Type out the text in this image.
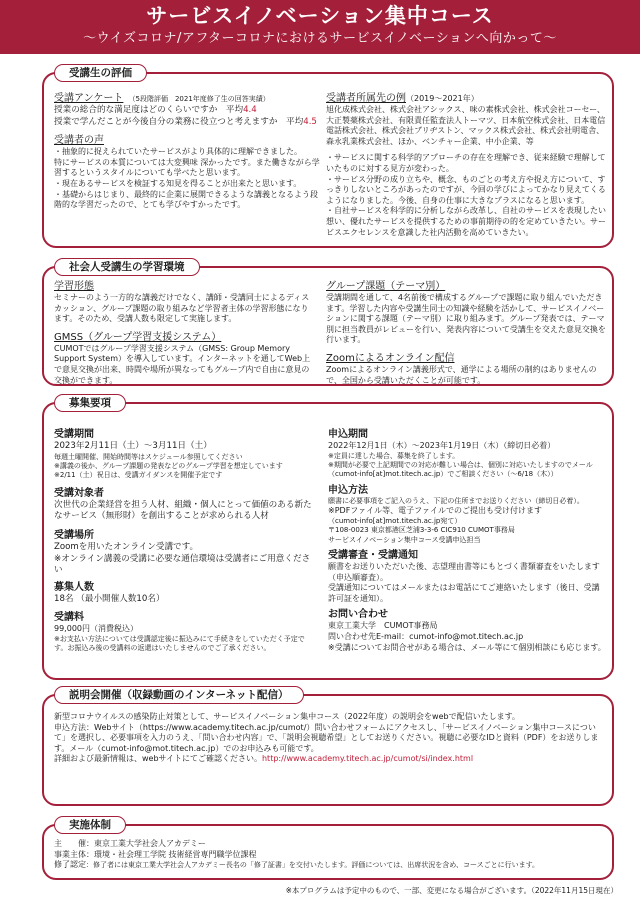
サービスイノベーション集中コース
〜ウイズコロナ/アフターコロナにおけるサービスイノベーションへ向かって〜
受講生の評価
受講アンケート （5段階評価　2021年度修了生の回答実績）
授業の総合的な満足度はどのくらいですか　平均4.4
授業で学んだことが今後自分の業務に役立つと考えますか　平均4.5
受講者の声
・抽象的に捉えられていたサービスがより具体的に理解できました。
特にサービスの本質については大変興味 深かったです。また働きながら学習するというスタイルについても学べたと思います。
・現在あるサービスを検証する知見を得ることが出来たと思います。
・基礎からはじまり、最終的に企業に展開できるような講義となるよう段階的な学習だったので、とても学びやすかったです。
受講者所属先の例（2019〜2021年）
旭化成株式会社、株式会社アシックス、味の素株式会社、株式会社コーセー、大正製薬株式会社、有限責任監査法人トーマツ、日本航空株式会社、日本電信電話株式会社、株式会社ブリヂストン、マックス株式会社、株式会社明電舎、森永乳業株式会社、ほか、ベンチャー企業、中小企業、等
・サービスに関する科学的アプローチの存在を理解でき、従来経験で理解していたものに対する見方が変わった。
・サービス分野の成り立ちや、概念、ものごとの考え方や捉え方について、すっきりしないところがあったのですが、今回の学びによってかなり見えてくるようになりました。今後、自身の仕事に大きなプラスになると思います。
・自社サービスを科学的に分析しながら改革し、自社のサービスを表現したい想い、優れたサービスを提供するための事前期待の的を定めていきたい。サービスエクセレンスを意識した社内活動を高めていきたい。
社会人受講生の学習環境
学習形態
セミナーのよう一方的な講義だけでなく、講師・受講同士によるディスカッション、グループ課題の取り組みなど学習者主体の学習形態になります。そのため、受講人数も限定して実施します。
GMSS（グループ学習支援システム）
CUMOTではグループ学習支援システム（GMSS: Group Memory Support System）を導入しています。インターネットを通してWeb上で意見交換が出来、時間や場所が異なってもグループ内で自由に意見の交換ができます。
グループ課題（テーマ別）
受講期間を通して、4名前後で構成するグループで課題に取り組んでいただきます。学習した内容や受講生同士の知識や経験を活かして、サービスイノベーションに関する課題（テーマ別）に取り組みます。グループ発表では、テーマ別に担当教員がレビューを行い、発表内容について受講生を交えた意見交換を行います。
Zoomによるオンライン配信
Zoomによるオンライン講義形式で、通学による場所の制約はありませんので、全国から受講いただくことが可能です。
募集要項
受講期間
2023年2月11日（土）〜3月11日（土）
毎週土曜開催、開始時間等はスケジュール参照してください
※講義の後か、グループ課題の発表などのグループ学習を想定しています
※2/11（土）祝日は、受講ガイダンスを開催予定です
受講対象者
次世代の企業経営を担う人材、組織・個人にとって価値のある新たなサービス（無形財）を創出することが求められる人材
受講場所
Zoomを用いたオンライン受講です。
※オンライン講義の受講に必要な通信環境は受講者にご用意ください
募集人数
18名 （最小開催人数10名）
受講料
99,000円（消費税込）
※お支払い方法については受講認定後に振込みにて手続きをしていただく予定です。お振込み後の受講料の返還はいたしませんのでご了承ください。
申込期間
2022年12月1日（木）〜2023年1月19日（木）（締切日必着）
※定員に達した場合、募集を終了します。
※期間が必要で上記期間での対応が難しい場合は、個別に対応いたしますのでメール（cumot-info[at]mot.titech.ac.jp）でご相談ください（〜6/18（木））
申込方法
願書に必要事項をご記入のうえ、下記の住所までお送りください（締切日必着）。
※PDFファイル等、電子ファイルでのご提出も受け付けます
（cumot-info[at]mot.titech.ac.jp宛て）
〒108-0023 東京都港区芝浦3-3-6 CIC910 CUMOT事務局
サービスイノベーション集中コース受講申込担当
受講審査・受講通知
願書をお送りいただいた後、志望理由書等にもとづく書類審査をいたします（申込順審査）。
受講通知についてはメールまたはお電話にてご連絡いたします（後日、受講許可証を通知）。
お問い合わせ
東京工業大学　CUMOT事務局
問い合わせ先E-mail：cumot-info@mot.titech.ac.jp
※受講についてお問合せがある場合は、メール等にて個別相談にも応じます。
説明会開催（収録動画のインターネット配信）
新型コロナウイルスの感染防止対策として、サービスイノベーション集中コース（2022年度）の説明会をwebで配信いたします。
申込方法：Webサイト（https://www.academy.titech.ac.jp/cumot/）問い合わせフォームにアクセスし、「サービスイノベーション集中コースについて」を選択し、必要事項を入力のうえ、「問い合わせ内容」で、「説明会視聴希望」としてお送りください。視聴に必要なIDと資料（PDF）をお送りします。メール（cumot-info@mot.titech.ac.jp）でのお申込みも可能です。
詳細および最新情報は、webサイトにてご確認ください。http://www.academy.titech.ac.jp/cumot/si/index.html
実施体制
主　　催：東京工業大学社会人アカデミー
事業主体：環境・社会理工学院 技術経営専門職学位課程
修了認定：修了者には東京工業大学社会人アカデミー長名の「修了証書」を交付いたします。評価については、出席状況を含め、コースごとに行います。
※本プログラムは予定中のもので、一部、変更になる場合がございます。（2022年11月15日現在）
